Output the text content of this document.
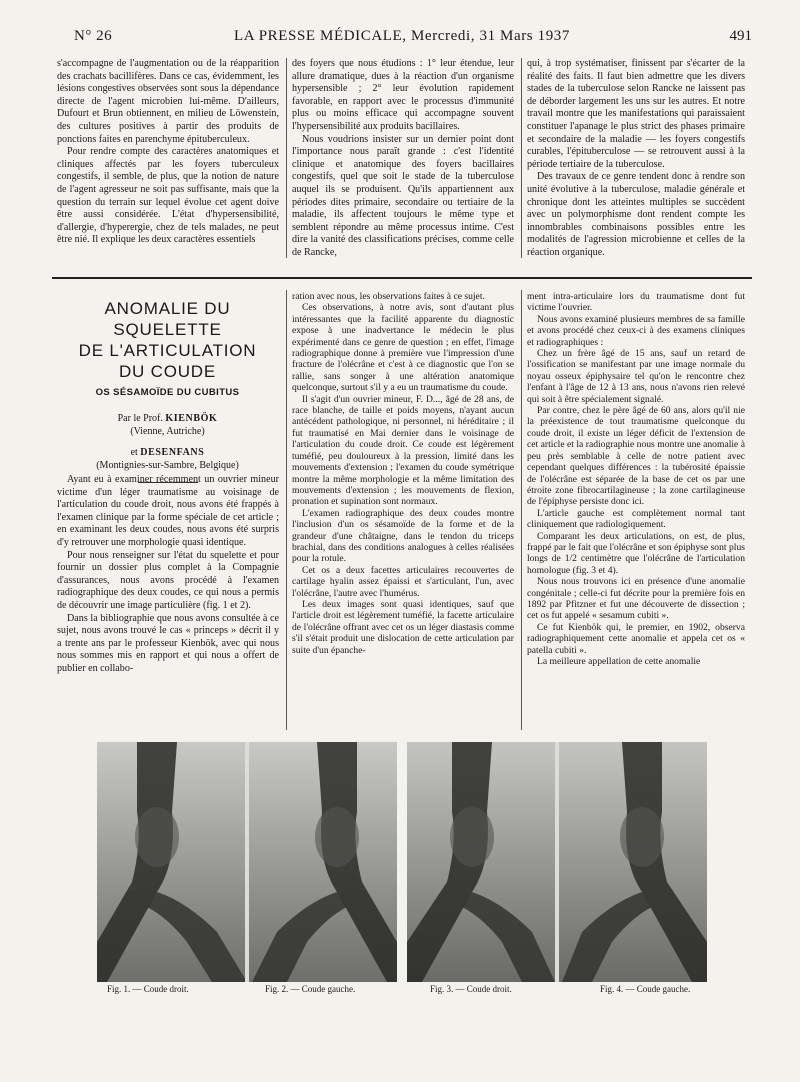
N° 26	LA PRESSE MÉDICALE, Mercredi, 31 Mars 1937	491

s'accompagne de l'augmentation ou de la réapparition des crachats bacillifères. Dans ce cas, évidemment, les lésions congestives observées sont sous la dépendance directe de l'agent microbien lui-même. D'ailleurs, Dufourt et Brun obtiennent, en milieu de Löwenstein, des cultures positives à partir des produits de ponctions faites en parenchyme épituberculeux.

Pour rendre compte des caractères anatomiques et cliniques affectés par les foyers tuberculeux congestifs, il semble, de plus, que la notion de nature de l'agent agresseur ne soit pas suffisante, mais que la question du terrain sur lequel évolue cet agent doive être aussi considérée. L'état d'hypersensibilité, d'allergie, d'hyperergie, chez de tels malades, ne peut être nié. Il explique les deux caractères essentiels

des foyers que nous étudions : 1° leur étendue, leur allure dramatique, dues à la réaction d'un organisme hypersensible ; 2° leur évolution rapidement favorable, en rapport avec le processus d'immunité plus ou moins efficace qui accompagne souvent l'hypersensibilité aux produits bacillaires.

Nous voudrions insister sur un dernier point dont l'importance nous paraît grande : c'est l'identité clinique et anatomique des foyers bacillaires congestifs, quel que soit le stade de la tuberculose auquel ils se produisent. Qu'ils appartiennent aux périodes dites primaire, secondaire ou tertiaire de la maladie, ils affectent toujours le même type et semblent répondre au même processus intime. C'est dire la vanité des classifications précises, comme celle de Rancke,

qui, à trop systématiser, finissent par s'écarter de la réalité des faits. Il faut bien admettre que les divers stades de la tuberculose selon Rancke ne laissent pas de déborder largement les uns sur les autres. Et notre travail montre que les manifestations qui paraissaient constituer l'apanage le plus strict des phases primaire et secondaire de la maladie — les foyers congestifs curables, l'épituberculose — se retrouvent aussi à la période tertiaire de la tuberculose.

Des travaux de ce genre tendent donc à rendre son unité évolutive à la tuberculose, maladie générale et chronique dont les atteintes multiples se succèdent avec un polymorphisme dont rendent compte les innombrables combinaisons possibles entre les modalités de l'agression microbienne et celles de la réaction organique.

ANOMALIE DU SQUELETTE
DE L'ARTICULATION
DU COUDE
OS SÉSAMOÏDE DU CUBITUS
Par le Prof. KIENBÖK
(Vienne, Autriche)
et DESENFANS
(Montignies-sur-Sambre, Belgique)

Ayant eu à examiner récemment un ouvrier mineur victime d'un léger traumatisme au voisinage de l'articulation du coude droit, nous avons été frappés à l'examen clinique par la forme spéciale de cet article ; en examinant les deux coudes, nous avons été surpris d'y retrouver une morphologie quasi identique.

Pour nous renseigner sur l'état du squelette et pour fournir un dossier plus complet à la Compagnie d'assurances, nous avons procédé à l'examen radiographique des deux coudes, ce qui nous a permis de découvrir une image particulière (fig. 1 et 2).

Dans la bibliographie que nous avons consultée à ce sujet, nous avons trouvé le cas « princeps » décrit il y a trente ans par le professeur Kienbök, avec qui nous nous sommes mis en rapport et qui nous a offert de publier en collabo-

ration avec nous, les observations faites à ce sujet.

Ces observations, à notre avis, sont d'autant plus intéressantes que la facilité apparente du diagnostic expose à une inadvertance le médecin le plus expérimenté dans ce genre de question ; en effet, l'image radiographique donne à première vue l'impression d'une fracture de l'olécrâne et c'est à ce diagnostic que l'on se rallie, sans songer à une altération anatomique quelconque, surtout s'il y a eu un traumatisme du coude.

Il s'agit d'un ouvrier mineur, F. D..., âgé de 28 ans, de race blanche, de taille et poids moyens, n'ayant aucun antécédent pathologique, ni personnel, ni héréditaire ; il fut traumatisé en Mai dernier dans le voisinage de l'articulation du coude droit. Ce coude est légèrement tuméfié, peu douloureux à la pression, limité dans les mouvements d'extension ; l'examen du coude symétrique montre la même morphologie et la même limitation des mouvements d'extension ; les mouvements de flexion, pronation et supination sont normaux.

L'examen radiographique des deux coudes montre l'inclusion d'un os sésamoïde de la forme et de la grandeur d'une châtaigne, dans le tendon du triceps brachial, dans des conditions analogues à celles réalisées pour la rotule.

Cet os a deux facettes articulaires recouvertes de cartilage hyalin assez épaissi et s'articulant, l'un, avec l'olécrâne, l'autre avec l'humérus.

Les deux images sont quasi identiques, sauf que l'article droit est légèrement tuméfié, la facette articulaire de l'olécrâne offrant avec cet os un léger diastasis comme s'il s'était produit une dislocation de cette articulation par suite d'un épanche-

ment intra-articulaire lors du traumatisme dont fut victime l'ouvrier.

Nous avons examiné plusieurs membres de sa famille et avons procédé chez ceux-ci à des examens cliniques et radiographiques :

Chez un frère âgé de 15 ans, sauf un retard de l'ossification se manifestant par une image normale du noyau osseux épiphysaire tel qu'on le rencontre chez l'enfant à l'âge de 12 à 13 ans, nous n'avons rien relevé qui soit à être spécialement signalé.

Par contre, chez le père âgé de 60 ans, alors qu'il nie la préexistence de tout traumatisme quelconque du coude droit, il existe un léger déficit de l'extension de cet article et la radiographie nous montre une anomalie à peu près semblable à celle de notre patient avec cependant quelques différences : la tubérosité épaissie de l'olécrâne est séparée de la base de cet os par une étroite zone fibrocartilagineuse ; la zone cartilagineuse de l'épiphyse persiste donc ici.

L'article gauche est complètement normal tant cliniquement que radiologiquement.

Comparant les deux articulations, on est, de plus, frappé par le fait que l'olécrâne et son épiphyse sont plus longs de 1/2 centimètre que l'olécrâne de l'articulation homologue (fig. 3 et 4).

Nous nous trouvons ici en présence d'une anomalie congénitale ; celle-ci fut décrite pour la première fois en 1892 par Pfitzner et fut une découverte de dissection ; cet os fut appelé « sesamum cubiti ».

Ce fut Kienbök qui, le premier, en 1902, observa radiographiquement cette anomalie et appela cet os « patella cubiti ».

La meilleure appellation de cette anomalie

Fig. 1. — Coude droit.	Fig. 2. — Coude gauche.	Fig. 3. — Coude droit.	Fig. 4. — Coude gauche.
